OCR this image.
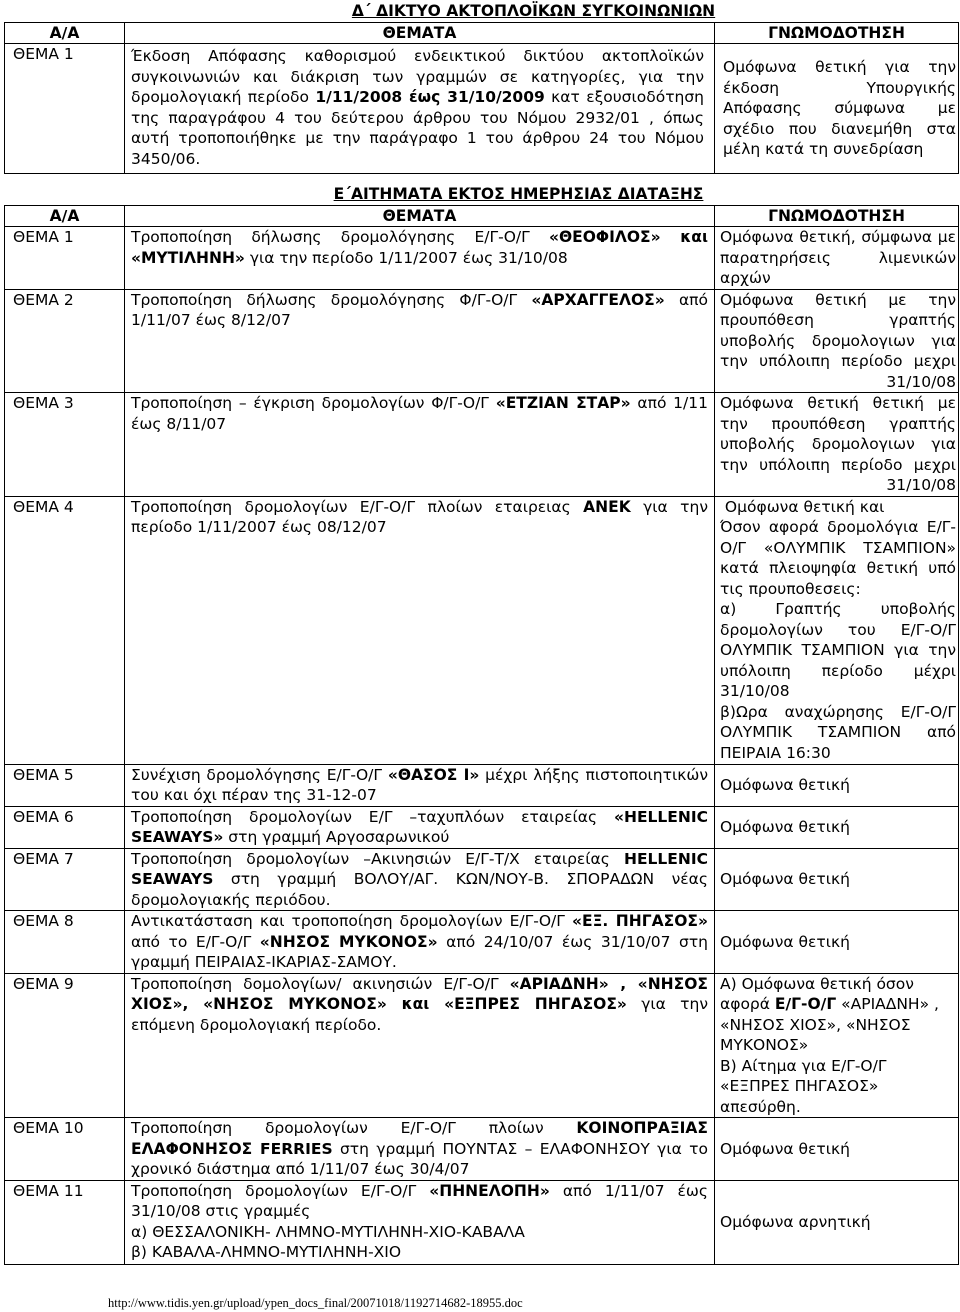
Δ΄ ΔΙΚΤΥΟ ΑΚΤΟΠΛΟΪΚΩΝ ΣΥΓΚΟΙΝΩΝΙΩΝ		
Α/Α	ΘΕΜΑΤΑ	ΓΝΩΜΟΔΟΤΗΣΗ
ΘΕΜΑ 1	Έκδοση Απόφασης καθορισμού ενδεικτικού δικτύου ακτοπλοϊκών συγκοινωνιών και διάκριση των γραμμών σε κατηγορίες, για την δρομολογιακή περίοδο 1/11/2008 έως 31/10/2009 κατ εξουσιοδότηση της παραγράφου 4 του δεύτερου άρθρου του Νόμου 2932/01 , όπως αυτή τροποποιήθηκε με την παράγραφο 1 του άρθρου 24 του Νόμου 3450/06.	Ομόφωνα θετική για την έκδοση Υπουργικής Απόφασης σύμφωνα με σχέδιο που διανεμήθη στα μέλη κατά τη συνεδρίαση
Ε΄ΑΙΤΗΜΑΤΑ ΕΚΤΟΣ ΗΜΕΡΗΣΙΑΣ ΔΙΑΤΑΞΗΣ		
Α/Α	ΘΕΜΑΤΑ	ΓΝΩΜΟΔΟΤΗΣΗ
ΘΕΜΑ 1	Τροποποίηση δήλωσης δρομολόγησης Ε/Γ-Ο/Γ «ΘΕΟΦΙΛΟΣ» και «ΜΥΤΙΛΗΝΗ» για την περίοδο 1/11/2007 έως 31/10/08	Ομόφωνα θετική, σύμφωνα με παρατηρήσεις λιμενικών αρχών
ΘΕΜΑ 2	Τροποποίηση δήλωσης δρομολόγησης Φ/Γ-Ο/Γ «ΑΡΧΑΓΓΕΛΟΣ» από 1/11/07 έως 8/12/07	Ομόφωνα θετική με την προυπόθεση γραπτής υποβολής δρομολογιων για την υπόλοιπη περίοδο μεχρι 31/10/08
ΘΕΜΑ 3	Τροποποίηση – έγκριση δρομολογίων Φ/Γ-Ο/Γ «ΕΤΖΙΑΝ ΣΤΑΡ» από 1/11 έως 8/11/07	Ομόφωνα θετική θετική με την προυπόθεση γραπτής υποβολής δρομολογιων για την υπόλοιπη περίοδο μεχρι 31/10/08
ΘΕΜΑ 4	Τροποποίηση δρομολογίων Ε/Γ-Ο/Γ πλοίων εταιρειας ΑΝΕΚ για την περίοδο 1/11/2007 έως 08/12/07	Ομόφωνα θετική και
Όσον αφορά δρομολόγια Ε/Γ-Ο/Γ «ΟΛΥΜΠΙΚ ΤΣΑΜΠΙΟΝ» κατά πλειοψηφία θετική υπό τις προυποθεσεις:
α) Γραπτής υποβολής δρομολογίων του Ε/Γ-Ο/Γ ΟΛΥΜΠΙΚ ΤΣΑΜΠΙΟΝ για την υπόλοιπη περίοδο μέχρι 31/10/08
β)Ωρα αναχώρησης Ε/Γ-Ο/Γ ΟΛΥΜΠΙΚ ΤΣΑΜΠΙΟΝ από ΠΕΙΡΑΙΑ 16:30

ΘΕΜΑ 5	Συνέχιση δρομολόγησης Ε/Γ-Ο/Γ «ΘΑΣΟΣ Ι» μέχρι λήξης πιστοποιητικών του και όχι πέραν της 31-12-07	Ομόφωνα θετική
ΘΕΜΑ 6	Τροποποίηση δρομολογίων Ε/Γ –ταχυπλόων εταιρείας «HELLENIC SEAWAYS» στη γραμμή Αργοσαρωνικού	Ομόφωνα θετική
ΘΕΜΑ 7	Τροποποίηση δρομολογίων –Ακινησιών Ε/Γ-Τ/Χ εταιρείας HELLENIC SEAWAYS στη γραμμή ΒΟΛΟΥ/ΑΓ. ΚΩΝ/ΝΟΥ-Β. ΣΠΟΡΑΔΩΝ νέας δρομολογιακής περιόδου.	Ομόφωνα θετική
ΘΕΜΑ 8	Αντικατάσταση και τροποποίηση δρομολογίων Ε/Γ-Ο/Γ «ΕΞ. ΠΗΓΑΣΟΣ» από το Ε/Γ-Ο/Γ «ΝΗΣΟΣ ΜΥΚΟΝΟΣ» από 24/10/07 έως 31/10/07 στη γραμμή ΠΕΙΡΑΙΑΣ-ΙΚΑΡΙΑΣ-ΣΑΜΟΥ.	Ομόφωνα θετική
ΘΕΜΑ 9	Τροποποίηση δομολογίων/ ακινησιών Ε/Γ-Ο/Γ «ΑΡΙΑΔΝΗ» , «ΝΗΣΟΣ ΧΙΟΣ», «ΝΗΣΟΣ ΜΥΚΟΝΟΣ» και «ΕΞΠΡΕΣ ΠΗΓΑΣΟΣ» για την επόμενη δρομολογιακή περίοδο.	Α) Ομόφωνα θετική όσον αφορά Ε/Γ-Ο/Γ «ΑΡΙΑΔΝΗ» , «ΝΗΣΟΣ ΧΙΟΣ», «ΝΗΣΟΣ ΜΥΚΟΝΟΣ»
Β) Αίτημα για Ε/Γ-Ο/Γ «ΕΞΠΡΕΣ ΠΗΓΑΣΟΣ» απεσύρθη.

ΘΕΜΑ 10	Τροποποίηση δρομολογίων Ε/Γ-Ο/Γ πλοίων ΚΟΙΝΟΠΡΑΞΙΑΣ ΕΛΑΦΟΝΗΣΟΣ FERRIES στη γραμμή ΠΟΥΝΤΑΣ – ΕΛΑΦΟΝΗΣΟΥ για το χρονικό διάστημα από 1/11/07 έως 30/4/07	Ομόφωνα θετική
ΘΕΜΑ 11	Τροποποίηση δρομολογίων Ε/Γ-Ο/Γ «ΠΗΝΕΛΟΠΗ» από 1/11/07 έως 31/10/08 στις γραμμές
α) ΘΕΣΣΑΛΟΝΙΚΗ- ΛΗΜΝΟ-ΜΥΤΙΛΗΝΗ-ΧΙΟ-ΚΑΒΑΛΑ
β) ΚΑΒΑΛΑ-ΛΗΜΝΟ-ΜΥΤΙΛΗΝΗ-ΧΙΟ	Ομόφωνα αρνητική
http://www.tidis.yen.gr/upload/ypen_docs_final/20071018/1192714682-18955.doc
